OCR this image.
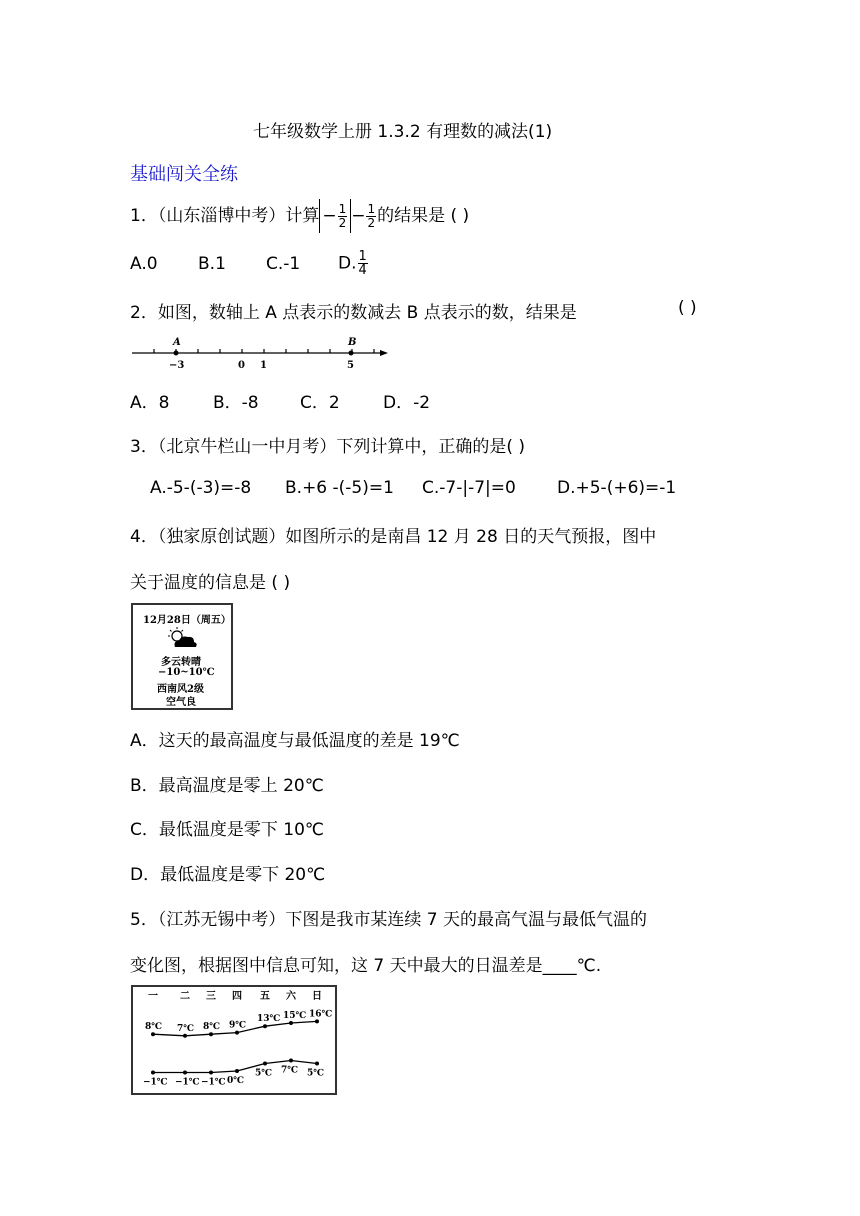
七年级数学上册 1.3.2 有理数的减法(1)
基础闯关全练
1．（山东淄博中考）计算 − $\frac{1}{2} - \frac{1}{2}$ 的结果是 ( )
A.0 B.1 C.-1 D. $\frac{1}{4}$
2．如图，数轴上 A 点表示的数减去 B 点表示的数，结果是	( )
A	B
−3	0 1	5
A．8	B．-8 C．2	D．-2
3．（北京牛栏山一中月考）下列计算中，正确的是( )
A.-5-(-3)=-8 B.+6 -(-5)=1 C.-7-|-7|=0 D.+5-(+6)=-1
4．（独家原创试题）如图所示的是南昌 12 月 28 日的天气预报，图中
关于温度的信息是 ( )
12月28日（周五）
多云转晴
−10~10℃
西南风2级
空气良
A．这天的最高温度与最低温度的差是 19℃
B．最高温度是零上 20℃
C．最低温度是零下 10℃
D．最低温度是零下 20℃
5．（江苏无锡中考）下图是我市某连续 7 天的最高气温与最低气温的
变化图，根据图中信息可知，这 7 天中最大的日温差是____℃.
一 二 三 四 五 六 日
8℃ 7℃ 8℃ 9℃
13℃ 15℃ 16℃
−1℃ −1℃ −1℃ 0℃
5℃ 7℃ 5℃
